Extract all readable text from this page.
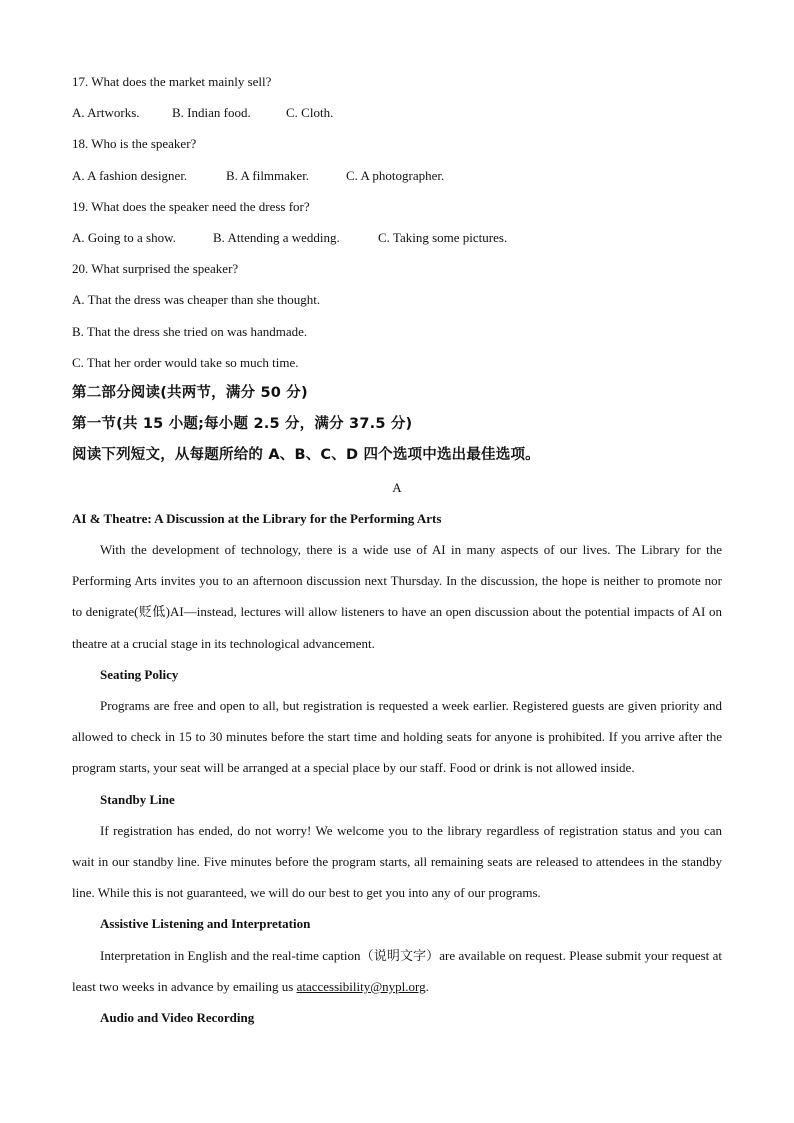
17. What does the market mainly sell?
A. Artworks. B. Indian food.	C. Cloth.
18. Who is the speaker?
A. A fashion designer.	B. A filmmaker.	C. A photographer.
19. What does the speaker need the dress for?
A. Going to a show.	B. Attending a wedding.	C. Taking some pictures.
20. What surprised the speaker?
A. That the dress was cheaper than she thought.
B. That the dress she tried on was handmade.
C. That her order would take so much time.
第二部分阅读(共两节，满分 50 分)
第一节(共 15 小题;每小题 2.5 分，满分 37.5 分)
阅读下列短文，从每题所给的 A、B、C、D 四个选项中选出最佳选项。
A
AI & Theatre: A Discussion at the Library for the Performing Arts

With the development of technology, there is a wide use of AI in many aspects of our lives. The Library for the Performing Arts invites you to an afternoon discussion next Thursday. In the discussion, the hope is neither to promote nor to denigrate(贬低)AI—instead, lectures will allow listeners to have an open discussion about the potential impacts of AI on theatre at a crucial stage in its technological advancement.

Seating Policy

Programs are free and open to all, but registration is requested a week earlier. Registered guests are given priority and allowed to check in 15 to 30 minutes before the start time and holding seats for anyone is prohibited. If you arrive after the program starts, your seat will be arranged at a special place by our staff. Food or drink is not allowed inside.

Standby Line

If registration has ended, do not worry! We welcome you to the library regardless of registration status and you can wait in our standby line. Five minutes before the program starts, all remaining seats are released to attendees in the standby line. While this is not guaranteed, we will do our best to get you into any of our programs.

Assistive Listening and Interpretation

Interpretation in English and the real-time caption（说明文字）are available on request. Please submit your request at least two weeks in advance by emailing us ataccessibility@nypl.org.

Audio and Video Recording
